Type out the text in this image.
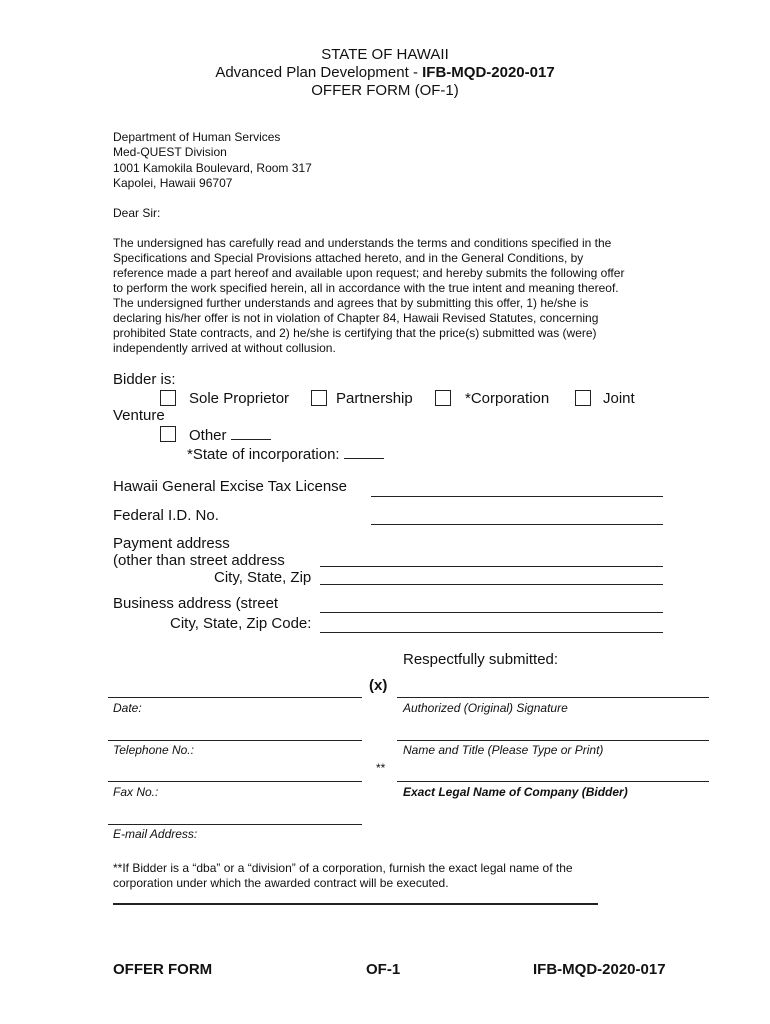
STATE OF HAWAII
Advanced Plan Development - IFB-MQD-2020-017
OFFER FORM (OF-1)
Department of Human Services
Med-QUEST Division
1001 Kamokila Boulevard, Room 317
Kapolei, Hawaii 96707
Dear Sir:
The undersigned has carefully read and understands the terms and conditions specified in the
Specifications and Special Provisions attached hereto, and in the General Conditions, by
reference made a part hereof and available upon request; and hereby submits the following offer
to perform the work specified herein, all in accordance with the true intent and meaning thereof.
The undersigned further understands and agrees that by submitting this offer, 1) he/she is
declaring his/her offer is not in violation of Chapter 84, Hawaii Revised Statutes, concerning
prohibited State contracts, and 2) he/she is certifying that the price(s) submitted was (were)
independently arrived at without collusion.
Bidder is:
Sole Proprietor	Partnership	*Corporation	Joint
Venture
Other
*State of incorporation:
Hawaii General Excise Tax License
Federal I.D. No.
Payment address
(other than street address
City, State, Zip
Business address (street
City, State, Zip Code:
Respectfully submitted:
(x)
Date:	Authorized (Original) Signature
Telephone No.:	Name and Title (Please Type or Print)
**
Fax No.:	Exact Legal Name of Company (Bidder)
E-mail Address:
**If Bidder is a “dba” or a “division” of a corporation, furnish the exact legal name of the
corporation under which the awarded contract will be executed.
OFFER FORM	OF-1	IFB-MQD-2020-017
